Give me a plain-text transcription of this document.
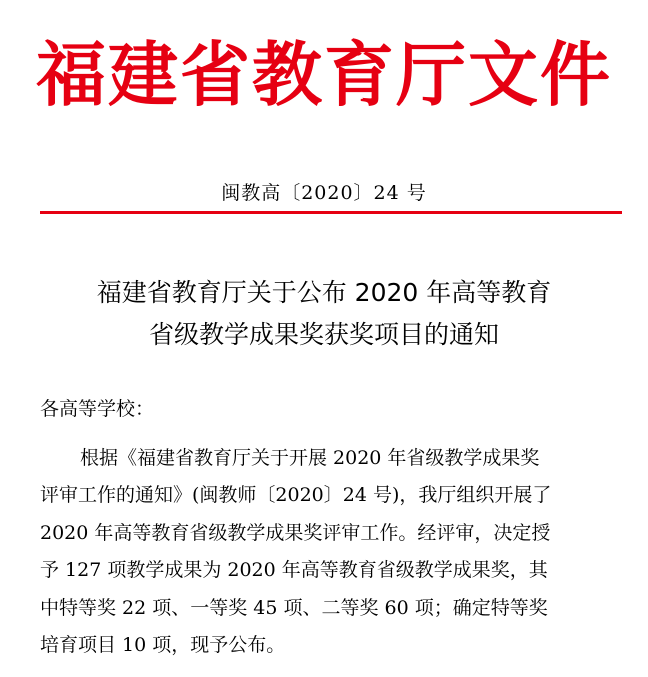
福建省教育厅文件
闽教高〔2020〕24 号
福建省教育厅关于公布 2020 年高等教育
省级教学成果奖获奖项目的通知
各高等学校：
根据《福建省教育厅关于开展 2020 年省级教学成果奖
评审工作的通知》(闽教师〔2020〕24 号)，我厅组织开展了
2020 年高等教育省级教学成果奖评审工作。经评审，决定授
予 127 项教学成果为 2020 年高等教育省级教学成果奖，其
中特等奖 22 项、一等奖 45 项、二等奖 60 项；确定特等奖
培育项目 10 项，现予公布。
